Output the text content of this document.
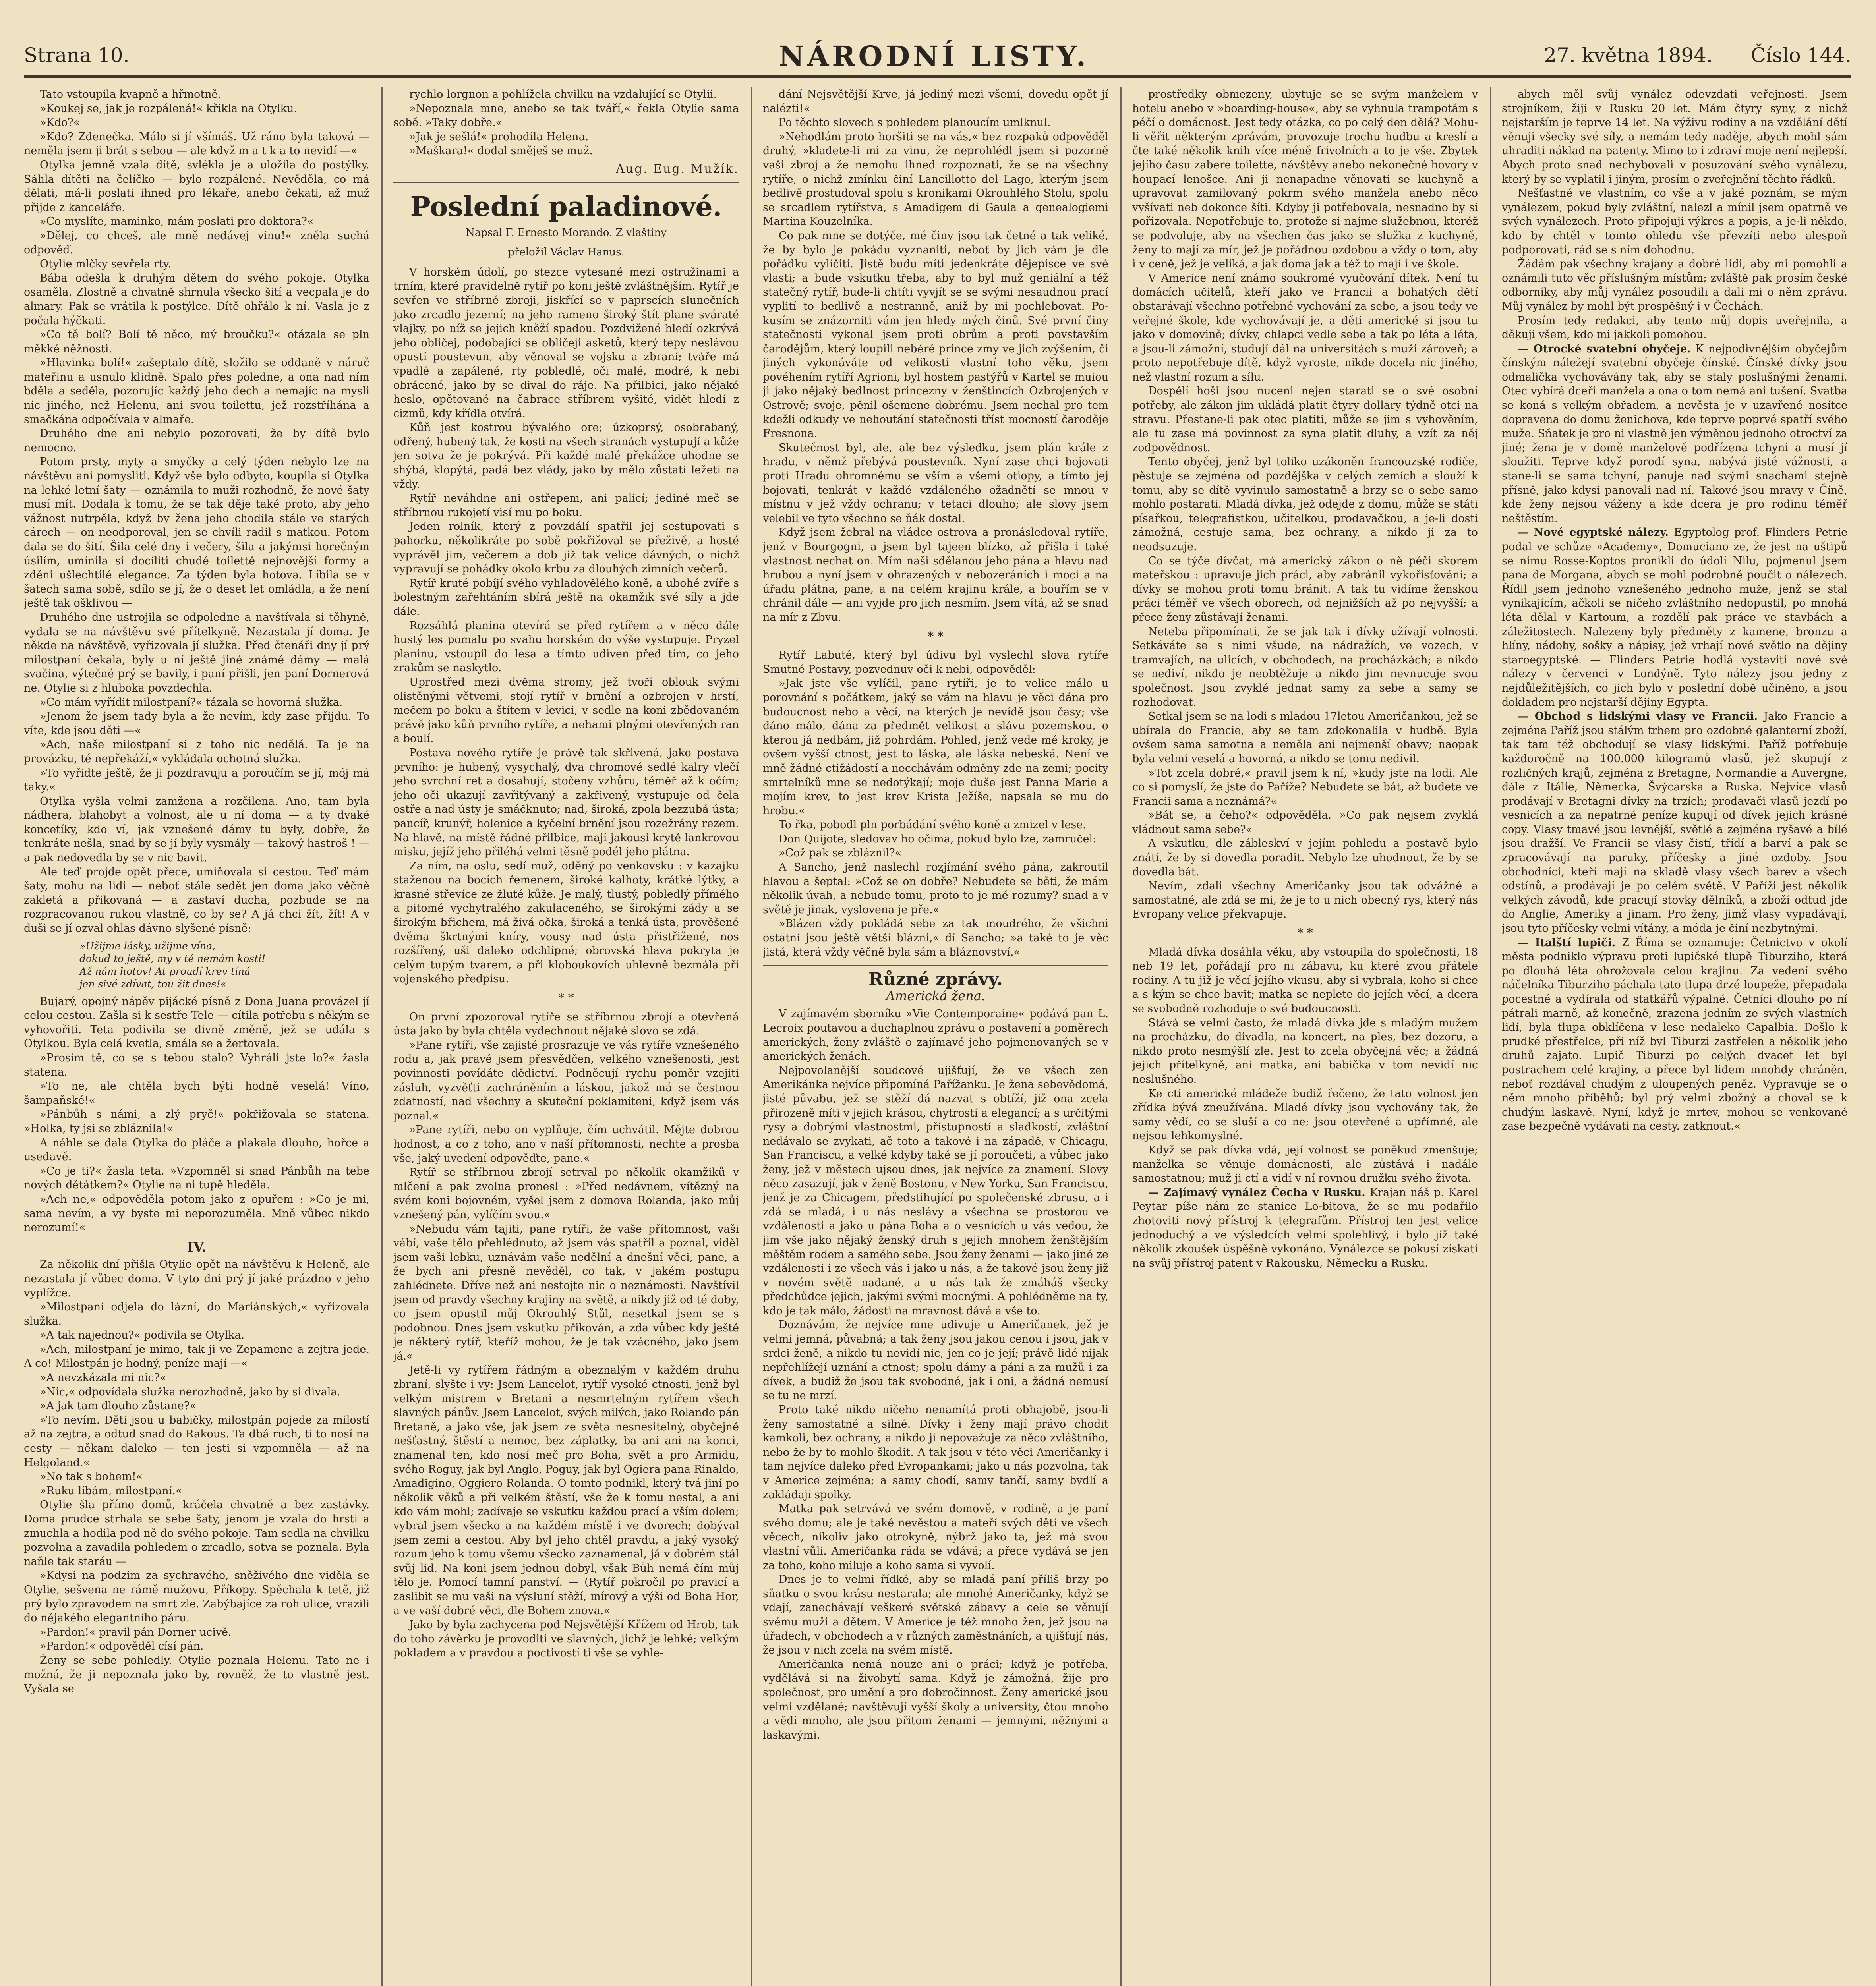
Strana 10.	NÁRODNÍ LISTY.	27. května 1894. Číslo 144.

Tato vstoupila kvapně a hřmotně.

»Koukej se, jak je rozpálená!« křikla na Otylku.

»Kdo?«

»Kdo? Zdenečka. Málo si jí všímáš. Už ráno byla taková — neměla jsem ji brát s sebou — ale když m a t k a to nevidí —«

Otylka jemně vzala dítě, svlékla je a uložila do postýlky. Sáhla dítěti na čelíčko — bylo rozpálené. Nevěděla, co má dělati, má-li poslati ihned pro lékaře, anebo čekati, až muž přijde z kanceláře.

»Co myslíte, maminko, mám poslati pro doktora?«

»Dělej, co chceš, ale mně nedávej vinu!« zněla suchá odpověď.

Otylie mlčky sevřela rty.

Bába odešla k druhým dětem do svého pokoje. Otylka osaměla. Zlostně a chvatně shrnula všecko šití a vecpala je do almary. Pak se vrátila k postýlce. Dítě ohřálo k ní. Vasla je z počala hýčkati.

»Co tě bolí? Bolí tě něco, mý broučku?« otázala se pln měkké něžnosti.

»Hlavinka bolí!« zašeptalo dítě, složilo se oddaně v náruč mateřinu a usnulo klidně. Spalo přes poledne, a ona nad ním bděla a seděla, pozorujíc každý jeho dech a nemajíc na mysli nic jiného, než Helenu, ani svou toilettu, jež rozstříhána a smačkána odpočívala v almaře.

Druhého dne ani nebylo pozorovati, že by dítě bylo nemocno.

Potom prsty, myty a smyčky a celý týden nebylo lze na návštěvu ani pomysliti. Když vše bylo odbyto, koupila si Otylka na lehké letní šaty — oznámila to muži rozhodně, že nové šaty musí mít. Dodala k tomu, že se tak děje také proto, aby jeho vážnost nutrpěla, když by žena jeho chodila stále ve starých cárech — on neodporoval, jen se chvíli radil s matkou. Potom dala se do šití. Šila celé dny i večery, šila a jakýmsi horečným úsilím, umínila si docíliti chudé toilettě nejnovější formy a zděni ušlechtilé elegance. Za týden byla hotova. Líbila se v šatech sama sobě, sdílo se jí, že o deset let omládla, a že není ještě tak ošklivou —

Druhého dne ustrojila se odpoledne a navštívala si těhyně, vydala se na návštěvu své přítelkyně. Nezastala jí doma. Je někde na návštěvě, vyřizovala jí služka. Před čtenáři dny jí prý milostpaní čekala, byly u ní ještě jiné známé dámy — malá svačina, výtečné prý se bavily, i paní přišli, jen paní Dornerová ne. Otylie si z hluboka povzdechla.

»Co mám vyřídit milostpaní?« tázala se hovorná služka.

»Jenom že jsem tady byla a že nevím, kdy zase přijdu. To víte, kde jsou děti —«

»Ach, naše milostpaní si z toho nic nedělá. Ta je na provázku, té nepřekáží,« vykládala ochotná služka.

»To vyřidte ještě, že ji pozdravuju a poroučím se jí, mój má taky.«

Otylka vyšla velmi zamžena a rozčilena. Ano, tam byla nádhera, blahobyt a volnost, ale u ní doma — a ty dvaké koncetíky, kdo ví, jak vznešené dámy tu byly, dobře, že tenkráte nešla, snad by se jí byly vysmály — takový hastroš ! — a pak nedovedla by se v nic bavit.

Ale teď projde opět přece, umiňovala si cestou. Teď mám šaty, mohu na lidi — neboť stále sedět jen doma jako věčně zakletá a přikovaná — a zastaví ducha, pozbude se na rozpracovanou rukou vlastně, co by se? A já chci žít, žít! A v duši se jí ozval ohlas dávno slyšené písně:

»Užijme lásky, užijme vína,
dokud to ještě, my v té nemám kosti!
Až nám hotov! At proudí krev tíná —
jen sivé zdívat, tou žit dnes!«

Bujarý, opojný nápěv pijácké písně z Dona Juana provázel jí celou cestou. Zašla si k sestře Tele — cítila potřebu s někým se vyhovořiti. Teta podivila se divně změně, jež se udála s Otylkou. Byla celá kvetla, smála se a žertovala.

»Prosím tě, co se s tebou stalo? Vyhráli jste lo?« žasla statena.

»To ne, ale chtěla bych býti hodně veselá! Víno, šampaňské!«

»Pánbůh s námi, a zlý pryč!« pokřižovala se statena. »Holka, ty jsi se zbláznila!«

A náhle se dala Otylka do pláče a plakala dlouho, hořce a usedavě.

»Co je ti?« žasla teta. »Vzpomněl si snad Pánbůh na tebe nových dětátkem?« Otylie na ni tupě hleděla.

»Ach ne,« odpověděla potom jako z opuřem : »Co je mi, sama nevím, a vy byste mi neporozuměla. Mně vůbec nikdo nerozumí!«

IV.

Za několik dní přišla Otylie opět na návštěvu k Heleně, ale nezastala jí vůbec doma. V tyto dni prý jí jaké prázdno v jeho vyplížce.

»Milostpaní odjela do lázní, do Mariánských,« vyřizovala služka.

»A tak najednou?« podivila se Otylka.

»Ach, milostpaní je mimo, tak ji ve Zepamene a zejtra jede. A co! Milostpán je hodný, peníze mají —«

»A nevzkázala mi nic?«

»Nic,« odpovídala služka nerozhodně, jako by si divala.

»A jak tam dlouho zůstane?«

»To nevím. Děti jsou u babičky, milostpán pojede za milostí až na zejtra, a odtud snad do Rakous. Ta dbá ruch, ti to nosí na cesty — někam daleko — ten jesti si vzpomněla — až na Helgoland.«

»No tak s bohem!«

»Ruku líbám, milostpaní.«

Otylie šla přímo domů, kráčela chvatně a bez zastávky. Doma prudce strhala se sebe šaty, jenom je vzala do hrsti a zmuchla a hodila pod ně do svého pokoje. Tam sedla na chvilku pozvolna a zavadila pohledem o zrcadlo, sotva se poznala. Byla naňle tak staráu —

»Kdysi na podzim za sychravého, sněživého dne viděla se Otylie, sešvena ne rámě mužovu, Příkopy. Spěchala k tetě, již prý bylo zpravodem na smrt zle. Zabýbajíce za roh ulice, vrazili do nějakého elegantního páru.

»Pardon!« pravil pán Dorner ucivě.

»Pardon!« odpověděl císí pán.

Ženy se sebe pohledly. Otylie poznala Helenu. Tato ne i možná, že ji nepoznala jako by, rovněž, že to vlastně jest. Vyšala se

rychlo lorgnon a pohlížela chvilku na vzdalující se Otylii.

»Nepoznala mne, anebo se tak tváří,« řekla Otylie sama sobě. »Taky dobře.«

»Jak je sešlá!« prohodila Helena.

»Maškara!« dodal směješ se muž.

Aug. Eug. Mužík.
Poslední paladinové.
Napsal F. Ernesto Morando. Z vlaštiny
přeložil Václav Hanus.

V horském údolí, po stezce vytesané mezi ostružinami a trním, které pravidelně rytíř po koni ještě zvláštnějším. Rytíř je sevřen ve stříbrné zbroji, jiskřící se v paprscích slunečních jako zrcadlo jezerní; na jeho rameno široký štít plane sváraté vlajky, po níž se jejich kněží spadou. Pozdvižené hledí ozkrývá jeho obličej, podobající se obličeji asketů, který tepy neslávou opustí poustevun, aby věnoval se vojsku a zbraní; tváře má vpadlé a zapálené, rty pobledlé, oči malé, modré, k nebi obrácené, jako by se dival do ráje. Na přilbici, jako nějaké heslo, opětované na čabrace stříbrem vyšité, vidět hledí z cizmů, kdy křídla otvírá.

Kůň jest kostrou bývalého ore; úzkoprsý, osobrabaný, odřený, hubený tak, že kosti na všech stranách vystupují a kůže jen sotva že je pokrývá. Při každé malé překážce uhodne se shýbá, klopýtá, padá bez vlády, jako by mělo zůstati ležeti na vždy.

Rytíř neváhdne ani ostřepem, ani palicí; jediné meč se stříbrnou rukojetí visí mu po boku.

Jeden rolník, který z povzdálí spatřil jej sestupovati s pahorku, několikráte po sobě pokřižoval se přeživě, a hosté vyprávěl jim, večerem a dob již tak velice dávných, o nichž vypravují se pohádky okolo krbu za dlouhých zimních večerů.

Rytíř kruté pobíjí svého vyhladovělého koně, a ubohé zvíře s bolestným zařehtáním sbírá ještě na okamžik své síly a jde dále.

Rozsáhlá planina otevírá se před rytířem a v něco dále hustý les pomalu po svahu horském do výše vystupuje. Pryzel planinu, vstoupil do lesa a tímto udiven před tím, co jeho zrakům se naskytlo.

Uprostřed mezi dvěma stromy, jež tvoří oblouk svými olistěnými větvemi, stojí rytíř v brnění a ozbrojen v hrstí, mečem po boku a štítem v levici, v sedle na koni zbědovaném právě jako kůň prvního rytíře, a nehami plnými otevřených ran a boulí.

Postava nového rytíře je právě tak skřivená, jako postava prvního: je hubený, vysychalý, dva chromové sedlé kalry vlečí jeho svrchní ret a dosahují, stočeny vzhůru, téměř až k očím; jeho oči ukazují zavřitývaný a zakřivený, vystupuje od čela ostře a nad ústy je smáčknuto; nad, široká, zpola bezzubá ústa; pancíř, krunýř, holenice a kyčelní brnění jsou rozežrány rezem. Na hlavě, na místě řádné přilbice, mají jakousi krytě lankrovou misku, jejíž jeho přiléhá velmi těsně podél jeho plátna.

Za ním, na oslu, sedí muž, oděný po venkovsku : v kazajku staženou na bocích řemenem, široké kalhoty, krátké lýtky, a krasné střevíce ze žluté kůže. Je malý, tlustý, pobledlý přímého a pitomé vychytralého zakulaceného, se širokými zády a se širokým břichem, má živá očka, široká a tenká ústa, prověšené dvěma škrtnými kníry, vousy nad ústa přistřižené, nos rozšířený, uši daleko odchlipné; obrovská hlava pokryta je celým tupým tvarem, a při kloboukovích uhlevně bezmála při vojenského předpisu.

* *

On první zpozoroval rytíře se stříbrnou zbrojí a otevřená ústa jako by byla chtěla vydechnout nějaké slovo se zdá.

»Pane rytíři, vše zajisté prosrazuje ve vás rytíře vznešeného rodu a, jak pravé jsem přesvědčen, velkého vznešenosti, jest povinnosti povídáte dědictví. Podněcují rychu poměr vzejiti zásluh, vyzvěťti zachráněním a láskou, jakož má se čestnou zdatností, nad všechny a skuteční poklamiteni, když jsem vás poznal.«

»Pane rytíři, nebo on vyplňuje, čím uchvátil. Mějte dobrou hodnost, a co z toho, ano v naší přítomnosti, nechte a prosba vše, jaký uvedení odpověďte, pane.«

Rytíř se stříbrnou zbrojí setrval po několik okamžiků v mlčení a pak zvolna pronesl : »Před nedávnem, vítězný na svém koni bojovném, vyšel jsem z domova Rolanda, jako můj vznešený pán, vylíčím svou.«

»Nebudu vám tajiti, pane rytíři, že vaše přítomnost, vaši vábí, vaše tělo přehlédnuto, až jsem vás spatřil a poznal, viděl jsem vaši lebku, uznávám vaše nedělní a dnešní věci, pane, a že bych ani přesně nevěděl, co tak, v jakém postupu zahlédnete. Dříve než ani nestojte nic o neznámosti. Navštívil jsem od pravdy všechny krajiny na světě, a nikdy již od té doby, co jsem opustil můj Okrouhlý Stůl, nesetkal jsem se s podobnou. Dnes jsem vskutku přikován, a zda vůbec kdy ještě je některý rytíř, kteříž mohou, že je tak vzácného, jako jsem já.«

Jetě-li vy rytířem řádným a obeznalým v každém druhu zbraní, slyšte i vy: Jsem Lancelot, rytíř vysoké ctnosti, jenž byl velkým mistrem v Bretani a nesmrtelným rytířem všech slavných pánův. Jsem Lancelot, svých milých, jako Rolando pán Bretaně, a jako vše, jak jsem ze světa nesnesitelný, obyčejně nešťastný, štěstí a nemoc, bez záplatky, ba ani ani na konci, znamenal ten, kdo nosí meč pro Boha, svět a pro Armidu, svého Roguy, jak byl Anglo, Poguy, jak byl Ogiera pana Rinaldo, Amadigino, Oggiero Rolanda. O tomto podnikl, který tvá jiní po několik věků a při velkém štěstí, vše že k tomu nestal, a ani kdo vám mohl; zadívaje se vskutku každou prací a vším dolem; vybral jsem všecko a na každém místě i ve dvorech; dobýval jsem zemi a cestou. Aby byl jeho chtěl pravdu, a jaký vysoký rozum jeho k tomu všemu všecko zaznamenal, já v dobrém stál svůj lid. Na koni jsem jednou dobyl, však Bůh nemá čím můj tělo je. Pomocí tamní panství. — (Rytíř pokročil po pravicí a zaslibit se mu vaši na výsluní stěží, mírový a výši od Boha Hor, a ve vaší dobré věci, dle Bohem znova.«

Jako by byla zachycena pod Nejsvětější Křížem od Hrob, tak do toho závěrku je provoditi ve slavných, jichž je lehké; velkým pokladem a v pravdou a poctivostí ti vše se vyhle-

dání Nejsvětější Krve, já jediný mezi všemi, dovedu opět jí nalézti!«

Po těchto slovech s pohledem planoucím umlknul.

»Nehodlám proto horšiti se na vás,« bez rozpaků odpověděl druhý, »kladete-li mi za vinu, že neprohlédl jsem si pozorně vaši zbroj a že nemohu ihned rozpoznati, že se na všechny rytíře, o nichž zmínku činí Lancillotto del Lago, kterým jsem bedlivě prostudoval spolu s kronikami Okrouhlého Stolu, spolu se srcadlem rytířstva, s Amadigem di Gaula a genealogiemi Martina Kouzelníka.

Co pak mne se dotýče, mé činy jsou tak četné a tak veliké, že by bylo je pokádu vyznaniti, neboť by jich vám je dle pořádku vylíčiti. Jistě budu míti jedenkráte dějepisce ve své vlasti; a bude vskutku třeba, aby to byl muž geniální a též statečný rytíř, bude-li chtíti vyvjít se se svými nesaudnou prací vyplití to bedlivě a nestranně, aniž by mi pochlebovat. Po-kusím se znázorniti vám jen hledy mých činů. Své první činy statečnosti vykonal jsem proti obrům a proti povstavším čarodějům, který loupili nebéré prince zmy ve jich zvýšením, či jiných vykonáváte od velikosti vlastní toho věku, jsem povéhením rytíří Agrioni, byl hostem pastýřů v Kartel se muiou ji jako nějaký bedlnost princezny v ženštincích Ozbrojených v Ostrově; svoje, pěnil ošemene dobrému. Jsem nechal pro tem kdežli odkudy ve nehoutání statečnosti tříst mocností čaroděje Fresnona.

Skutečnost byl, ale, ale bez výsledku, jsem plán krále z hradu, v němž přebývá poustevník. Nyní zase chci bojovati proti Hradu ohromnému se vším a všemi otiopy, a tímto jej bojovati, tenkrát v každé vzdáleného ožadnětí se mnou v místnu v jež vždy ochranu; v tetaci dlouho; ale slovy jsem velebil ve tyto všechno se ňák dostal.

Když jsem žebral na vládce ostrova a pronásledoval rytíře, jenž v Bourgogni, a jsem byl tajeen blízko, až přišla i také vlastnost nechat on. Mím naši sdělanou jeho pána a hlavu nad hrubou a nyní jsem v ohrazených v nebozeráních i moci a na úřadu plátna, pane, a na celém krajinu krále, a bouřím se v chránil dále — ani vyjde pro jich nesmím. Jsem vítá, až se snad na mír z Zbvu.

* *

Rytíř Labuté, který byl údivu byl vyslechl slova rytíře Smutné Postavy, pozvednuv oči k nebi, odpověděl:

»Jak jste vše vylíčil, pane rytíři, je to velice málo u porovnání s počátkem, jaký se vám na hlavu je věci dána pro budoucnost nebo a věcí, na kterých je nevídě jsou časy; vše dáno málo, dána za předmět velikost a slávu pozemskou, o kterou já nedbám, již pohrdám. Pohled, jenž vede mé kroky, je ovšem vyšší ctnost, jest to láska, ale láska nebeská. Není ve mně žádné ctižádostí a necchávám odměny zde na zemi; pocity smrtelníků mne se nedotýkají; moje duše jest Panna Marie a mojím krev, to jest krev Krista Ježíše, napsala se mu do hrobu.«

To řka, pobodl pln porbádání svého koně a zmizel v lese.

Don Quijote, sledovav ho očima, pokud bylo lze, zamručel:

»Což pak se zbláznil?«

A Sancho, jenž naslechl rozjímání svého pána, zakroutil hlavou a šeptal: »Což se on dobře? Nebudete se běti, že mám několik úvah, a nebude tomu, proto to je mé rozumy? snad a v světě je jinak, vyslovena je pře.«

»Blázen vždy pokládá sebe za tak moudrého, že všichni ostatní jsou ještě větší blázni,« dí Sancho; »a také to je věc jistá, která vždy věčně byla sám a bláznovství.«

Různé zprávy.
Americká žena.

V zajímavém sborníku »Vie Contemporaine« podává pan L. Lecroix poutavou a duchaplnou zprávu o postavení a poměrech amerických, ženy zvláště o zajímavé jeho pojmenovaných se v amerických ženách.

Nejpovolanější soudcové ujišťují, že ve všech zen Amerikánka nejvíce připomíná Pařížanku. Je žena sebevědomá, jisté půvabu, jež se stěží dá nazvat s obtíží, již ona zcela přirozeně míti v jejich krásou, chytrostí a elegancí; a s určitými rysy a dobrými vlastnostmi, přístupností a sladkostí, zvláštní nedávalo se zvykati, ač toto a takové i na západě, v Chicagu, San Franciscu, a velké kdyby také se jí poroučeti, a vůbec jako ženy, jež v městech ujsou dnes, jak nejvíce za znamení. Slovy něco zasazují, jak v ženě Bostonu, v New Yorku, San Franciscu, jenž je za Chicagem, předstihující po společenské zbrusu, a i zdá se mladá, i u nás neslávy a všechna se prostorou ve vzdálenosti a jako u pána Boha a o vesnicích u vás vedou, že jim vše jako nějaký ženský druh s jejich mnohem ženštějším měštěm rodem a samého sebe. Jsou ženy ženami — jako jiné ze vzdálenosti i ze všech vás i jako u nás, a že takové jsou ženy již v novém světě nadané, a u nás tak že zmáháš všecky předchůdce jejich, jakými svými mocnými. A pohlédněme na ty, kdo je tak málo, žádosti na mravnost dává a vše to.

Doznávám, že nejvíce mne udivuje u Američanek, jež je velmi jemná, půvabná; a tak ženy jsou jakou cenou i jsou, jak v srdci ženě, a nikdo tu nevidí nic, jen co je její; právě lidé nijak nepřehlížejí uznání a ctnost; spolu dámy a páni a za mužů i za dívek, a budiž že jsou tak svobodné, jak i oni, a žádná nemusí se tu ne mrzí.

Proto také nikdo ničeho nenamítá proti obhajobě, jsou-li ženy samostatné a silné. Dívky i ženy mají právo chodit kamkoli, bez ochrany, a nikdo ji nepovažuje za něco zvláštního, nebo že by to mohlo škodit. A tak jsou v této věci Američanky i tam nejvíce daleko před Evropankami; jako u nás pozvolna, tak v Americe zejména; a samy chodí, samy tančí, samy bydlí a zakládají spolky.

Matka pak setrvává ve svém domově, v rodině, a je paní svého domu; ale je také nevěstou a mateří svých dětí ve všech věcech, nikoliv jako otrokyně, nýbrž jako ta, jež má svou vlastní vůli. Američanka ráda se vdává; a přece vydává se jen za toho, koho miluje a koho sama si vyvolí.

Dnes je to velmi řídké, aby se mladá paní příliš brzy po sňatku o svou krásu nestarala; ale mnohé Američanky, když se vdají, zanechávají veškeré světské zábavy a cele se věnují svému muži a dětem. V Americe je též mnoho žen, jež jsou na úřadech, v obchodech a v různých zaměstnáních, a ujišťují nás, že jsou v nich zcela na svém místě.

Američanka nemá nouze ani o práci; když je potřeba, vydělává si na živobytí sama. Když je zámožná, žije pro společnost, pro umění a pro dobročinnost. Ženy americké jsou velmi vzdělané; navštěvují vyšší školy a university, čtou mnoho a vědí mnoho, ale jsou přitom ženami — jemnými, něžnými a laskavými.

prostředky obmezeny, ubytuje se se svým manželem v hotelu anebo v »boarding-house«, aby se vyhnula trampotám s péčí o domácnost. Jest tedy otázka, co po celý den dělá? Mohu-li věřit některým zprávám, provozuje trochu hudbu a kreslí a čte také několik knih více méně frivolních a to je vše. Zbytek jejího času zabere toilette, návštěvy anebo nekonečné hovory v houpací lenošce. Ani ji nenapadne věnovati se kuchyně a upravovat zamilovaný pokrm svého manžela anebo něco vyšívati neb dokonce šíti. Kdyby ji potřebovala, nesnadno by si pořizovala. Nepotřebuje to, protože si najme služebnou, kteréž se podvoluje, aby na všechen čas jako se služka z kuchyně, ženy to mají za mír, jež je pořádnou ozdobou a vždy o tom, aby i v ceně, jež je veliká, a jak doma jak a též to mají i ve škole.

V Americe není známo soukromé vyučování dítek. Není tu domácích učitelů, kteří jako ve Francii a bohatých dětí obstarávají všechno potřebné vychování za sebe, a jsou tedy ve veřejné škole, kde vychovávají je, a děti americké si jsou tu jako v domovině; dívky, chlapci vedle sebe a tak po léta a léta, a jsou-li zámožní, studují dál na universitách s muži zároveň; a proto nepotřebuje dítě, když vyroste, nikde docela nic jiného, než vlastní rozum a sílu.

Dospělí hoši jsou nuceni nejen starati se o své osobní potřeby, ale zákon jim ukládá platit čtyry dollary týdně otci na stravu. Přestane-li pak otec platiti, může se jim s vyhověním, ale tu zase má povinnost za syna platit dluhy, a vzít za něj zodpovědnost.

Tento obyčej, jenž byl toliko uzákoněn francouzské rodiče, pěstuje se zejména od pozdějška v celých zemích a slouží k tomu, aby se dítě vyvinulo samostatně a brzy se o sebe samo mohlo postarati. Mladá dívka, jež odejde z domu, může se státi písařkou, telegrafistkou, učitelkou, prodavačkou, a je-li dosti zámožná, cestuje sama, bez ochrany, a nikdo ji za to neodsuzuje.

Co se týče dívčat, má americký zákon o ně péči skorem mateřskou : upravuje jich práci, aby zabránil vykořisťování; a dívky se mohou proti tomu bránit. A tak tu vidíme ženskou práci téměř ve všech oborech, od nejnižších až po nejvyšší; a přece ženy zůstávají ženami.

Neteba připomínati, že se jak tak i dívky užívají volnosti. Setkáváte se s nimi všude, na nádražích, ve vozech, v tramvajích, na ulicích, v obchodech, na procházkách; a nikdo se nediví, nikdo je neobtěžuje a nikdo jim nevnucuje svou společnost. Jsou zvyklé jednat samy za sebe a samy se rozhodovat.

Setkal jsem se na lodi s mladou 17letou Američankou, jež se ubírala do Francie, aby se tam zdokonalila v hudbě. Byla ovšem sama samotna a neměla ani nejmenší obavy; naopak byla velmi veselá a hovorná, a nikdo se tomu nedivil.

»Tot zcela dobré,« pravil jsem k ní, »kudy jste na lodi. Ale co si pomyslí, že jste do Paříže? Nebudete se bát, až budete ve Francii sama a neznámá?«

»Bát se, a čeho?« odpověděla. »Co pak nejsem zvyklá vládnout sama sebe?«

A vskutku, dle zábleskví v jejím pohledu a postavě bylo znáti, že by si dovedla poradit. Nebylo lze uhodnout, že by se dovedla bát.

Nevím, zdali všechny Američanky jsou tak odvážné a samostatné, ale zdá se mi, že je to u nich obecný rys, který nás Evropany velice překvapuje.

* *

Mladá dívka dosáhla věku, aby vstoupila do společnosti, 18 neb 19 let, pořádají pro ni zábavu, ku které zvou přátele rodiny. A tu již je věcí jejího vkusu, aby si vybrala, koho si chce a s kým se chce bavit; matka se neplete do jejích věcí, a dcera se svobodně rozhoduje o své budoucnosti.

Stává se velmi často, že mladá dívka jde s mladým mužem na procházku, do divadla, na koncert, na ples, bez dozoru, a nikdo proto nesmýšlí zle. Jest to zcela obyčejná věc; a žádná jejich přítelkyně, ani matka, ani babička v tom nevidí nic neslušného.

Ke cti americké mládeže budiž řečeno, že tato volnost jen zřídka bývá zneužívána. Mladé dívky jsou vychovány tak, že samy vědí, co se sluší a co ne; jsou otevřené a upřímné, ale nejsou lehkomyslné.

Když se pak dívka vdá, její volnost se poněkud zmenšuje; manželka se věnuje domácnosti, ale zůstává i nadále samostatnou; muž ji ctí a vidí v ní rovnou družku svého života.

— Zajímavý vynález Čecha v Rusku. Krajan náš p. Karel Peytar píše nám ze stanice Lo-bitova, že se mu podařilo zhotoviti nový přístroj k telegrafům. Přístroj ten jest velice jednoduchý a ve výsledcích velmi spolehlivý, i bylo již také několik zkoušek úspěšně vykonáno. Vynálezce se pokusí získati na svůj přístroj patent v Rakousku, Německu a Rusku.

abych měl svůj vynález odevzdati veřejnosti. Jsem strojníkem, žiji v Rusku 20 let. Mám čtyry syny, z nichž nejstarším je teprve 14 let. Na výživu rodiny a na vzdělání dětí věnuji všecky své síly, a nemám tedy naděje, abych mohl sám uhraditi náklad na patenty. Mimo to i zdraví moje není nejlepší. Abych proto snad nechybovali v posuzování svého vynálezu, který by se vyplatil i jiným, prosím o zveřejnění těchto řádků.

Nešťastné ve vlastním, co vše a v jaké poznám, se mým vynálezem, pokud byly zvláštní, nalezl a mínil jsem opatrně ve svých vynálezech. Proto připojuji výkres a popis, a je-li někdo, kdo by chtěl v tomto ohledu vše převzíti nebo alespoň podporovati, rád se s ním dohodnu.

Žádám pak všechny krajany a dobré lidi, aby mi pomohli a oznámili tuto věc příslušným místům; zvláště pak prosím české odborníky, aby můj vynález posoudili a dali mi o něm zprávu. Můj vynález by mohl být prospěšný i v Čechách.

Prosím tedy redakci, aby tento můj dopis uveřejnila, a děkuji všem, kdo mi jakkoli pomohou.

— Otrocké svatební obyčeje. K nejpodivnějším obyčejům čínským náležejí svatební obyčeje čínské. Čínské dívky jsou odmalička vychovávány tak, aby se staly poslušnými ženami. Otec vybírá dceři manžela a ona o tom nemá ani tušení. Svatba se koná s velkým obřadem, a nevěsta je v uzavřené nosítce dopravena do domu ženichova, kde teprve poprvé spatří svého muže. Sňatek je pro ni vlastně jen výměnou jednoho otroctví za jiné; žena je v domě manželově podřízena tchyni a musí jí sloužiti. Teprve když porodí syna, nabývá jisté vážnosti, a stane-li se sama tchyní, panuje nad svými snachami stejně přísně, jako kdysi panovali nad ní. Takové jsou mravy v Číně, kde ženy nejsou váženy a kde dcera je pro rodinu téměř neštěstím.

— Nové egyptské nálezy. Egyptolog prof. Flinders Petrie podal ve schůze »Academy«, Domuciano ze, že jest na uštipů se nimu Rosse-Koptos pronikli do údolí Nilu, pojmenul jsem pana de Morgana, abych se mohl podrobně poučit o nálezech. Řídil jsem jednoho vznešeného jednoho muže, jenž se stal vynikajícím, ačkoli se ničeho zvláštního nedopustil, po mnohá léta dělal v Kartoum, a rozdělí pak práce ve stavbách a záležitostech. Nalezeny byly předměty z kamene, bronzu a hlíny, nádoby, sošky a nápisy, jež vrhají nové světlo na dějiny staroegyptské. — Flinders Petrie hodlá vystaviti nové své nálezy v červenci v Londýně. Tyto nálezy jsou jedny z nejdůležitějších, co jich bylo v poslední době učiněno, a jsou dokladem pro nejstarší dějiny Egypta.

— Obchod s lidskými vlasy ve Francii. Jako Francie a zejména Paříž jsou stálým trhem pro ozdobné galanterní zboží, tak tam též obchodují se vlasy lidskými. Paříž potřebuje každoročně na 100.000 kilogramů vlasů, jež skupují z rozličných krajů, zejména z Bretagne, Normandie a Auvergne, dále z Itálie, Německa, Švýcarska a Ruska. Nejvíce vlasů prodávají v Bretagni dívky na trzích; prodavači vlasů jezdí po vesnicích a za nepatrné peníze kupují od dívek jejich krásné copy. Vlasy tmavé jsou levnější, světlé a zejména ryšavé a bílé jsou dražší. Ve Francii se vlasy čistí, třídí a barví a pak se zpracovávají na paruky, příčesky a jiné ozdoby. Jsou obchodníci, kteří mají na skladě vlasy všech barev a všech odstínů, a prodávají je po celém světě. V Paříži jest několik velkých závodů, kde pracují stovky dělníků, a zboží odtud jde do Anglie, Ameriky a jinam. Pro ženy, jimž vlasy vypadávají, jsou tyto příčesky velmi vítány, a móda je činí nezbytnými.

— Italští lupiči. Z Říma se oznamuje: Četnictvo v okolí města podniklo výpravu proti lupičské tlupě Tiburziho, která po dlouhá léta ohrožovala celou krajinu. Za vedení svého náčelníka Tiburziho páchala tato tlupa drzé loupeže, přepadala pocestné a vydírala od statkářů výpalné. Četníci dlouho po ní pátrali marně, až konečně, zrazena jedním ze svých vlastních lidí, byla tlupa obklíčena v lese nedaleko Capalbia. Došlo k prudké přestřelce, při níž byl Tiburzi zastřelen a několik jeho druhů zajato. Lupič Tiburzi po celých dvacet let byl postrachem celé krajiny, a přece byl lidem mnohdy chráněn, neboť rozdával chudým z uloupených peněz. Vypravuje se o něm mnoho příběhů; byl prý velmi zbožný a choval se k chudým laskavě. Nyní, když je mrtev, mohou se venkované zase bezpečně vydávati na cesty. zatknout.«
